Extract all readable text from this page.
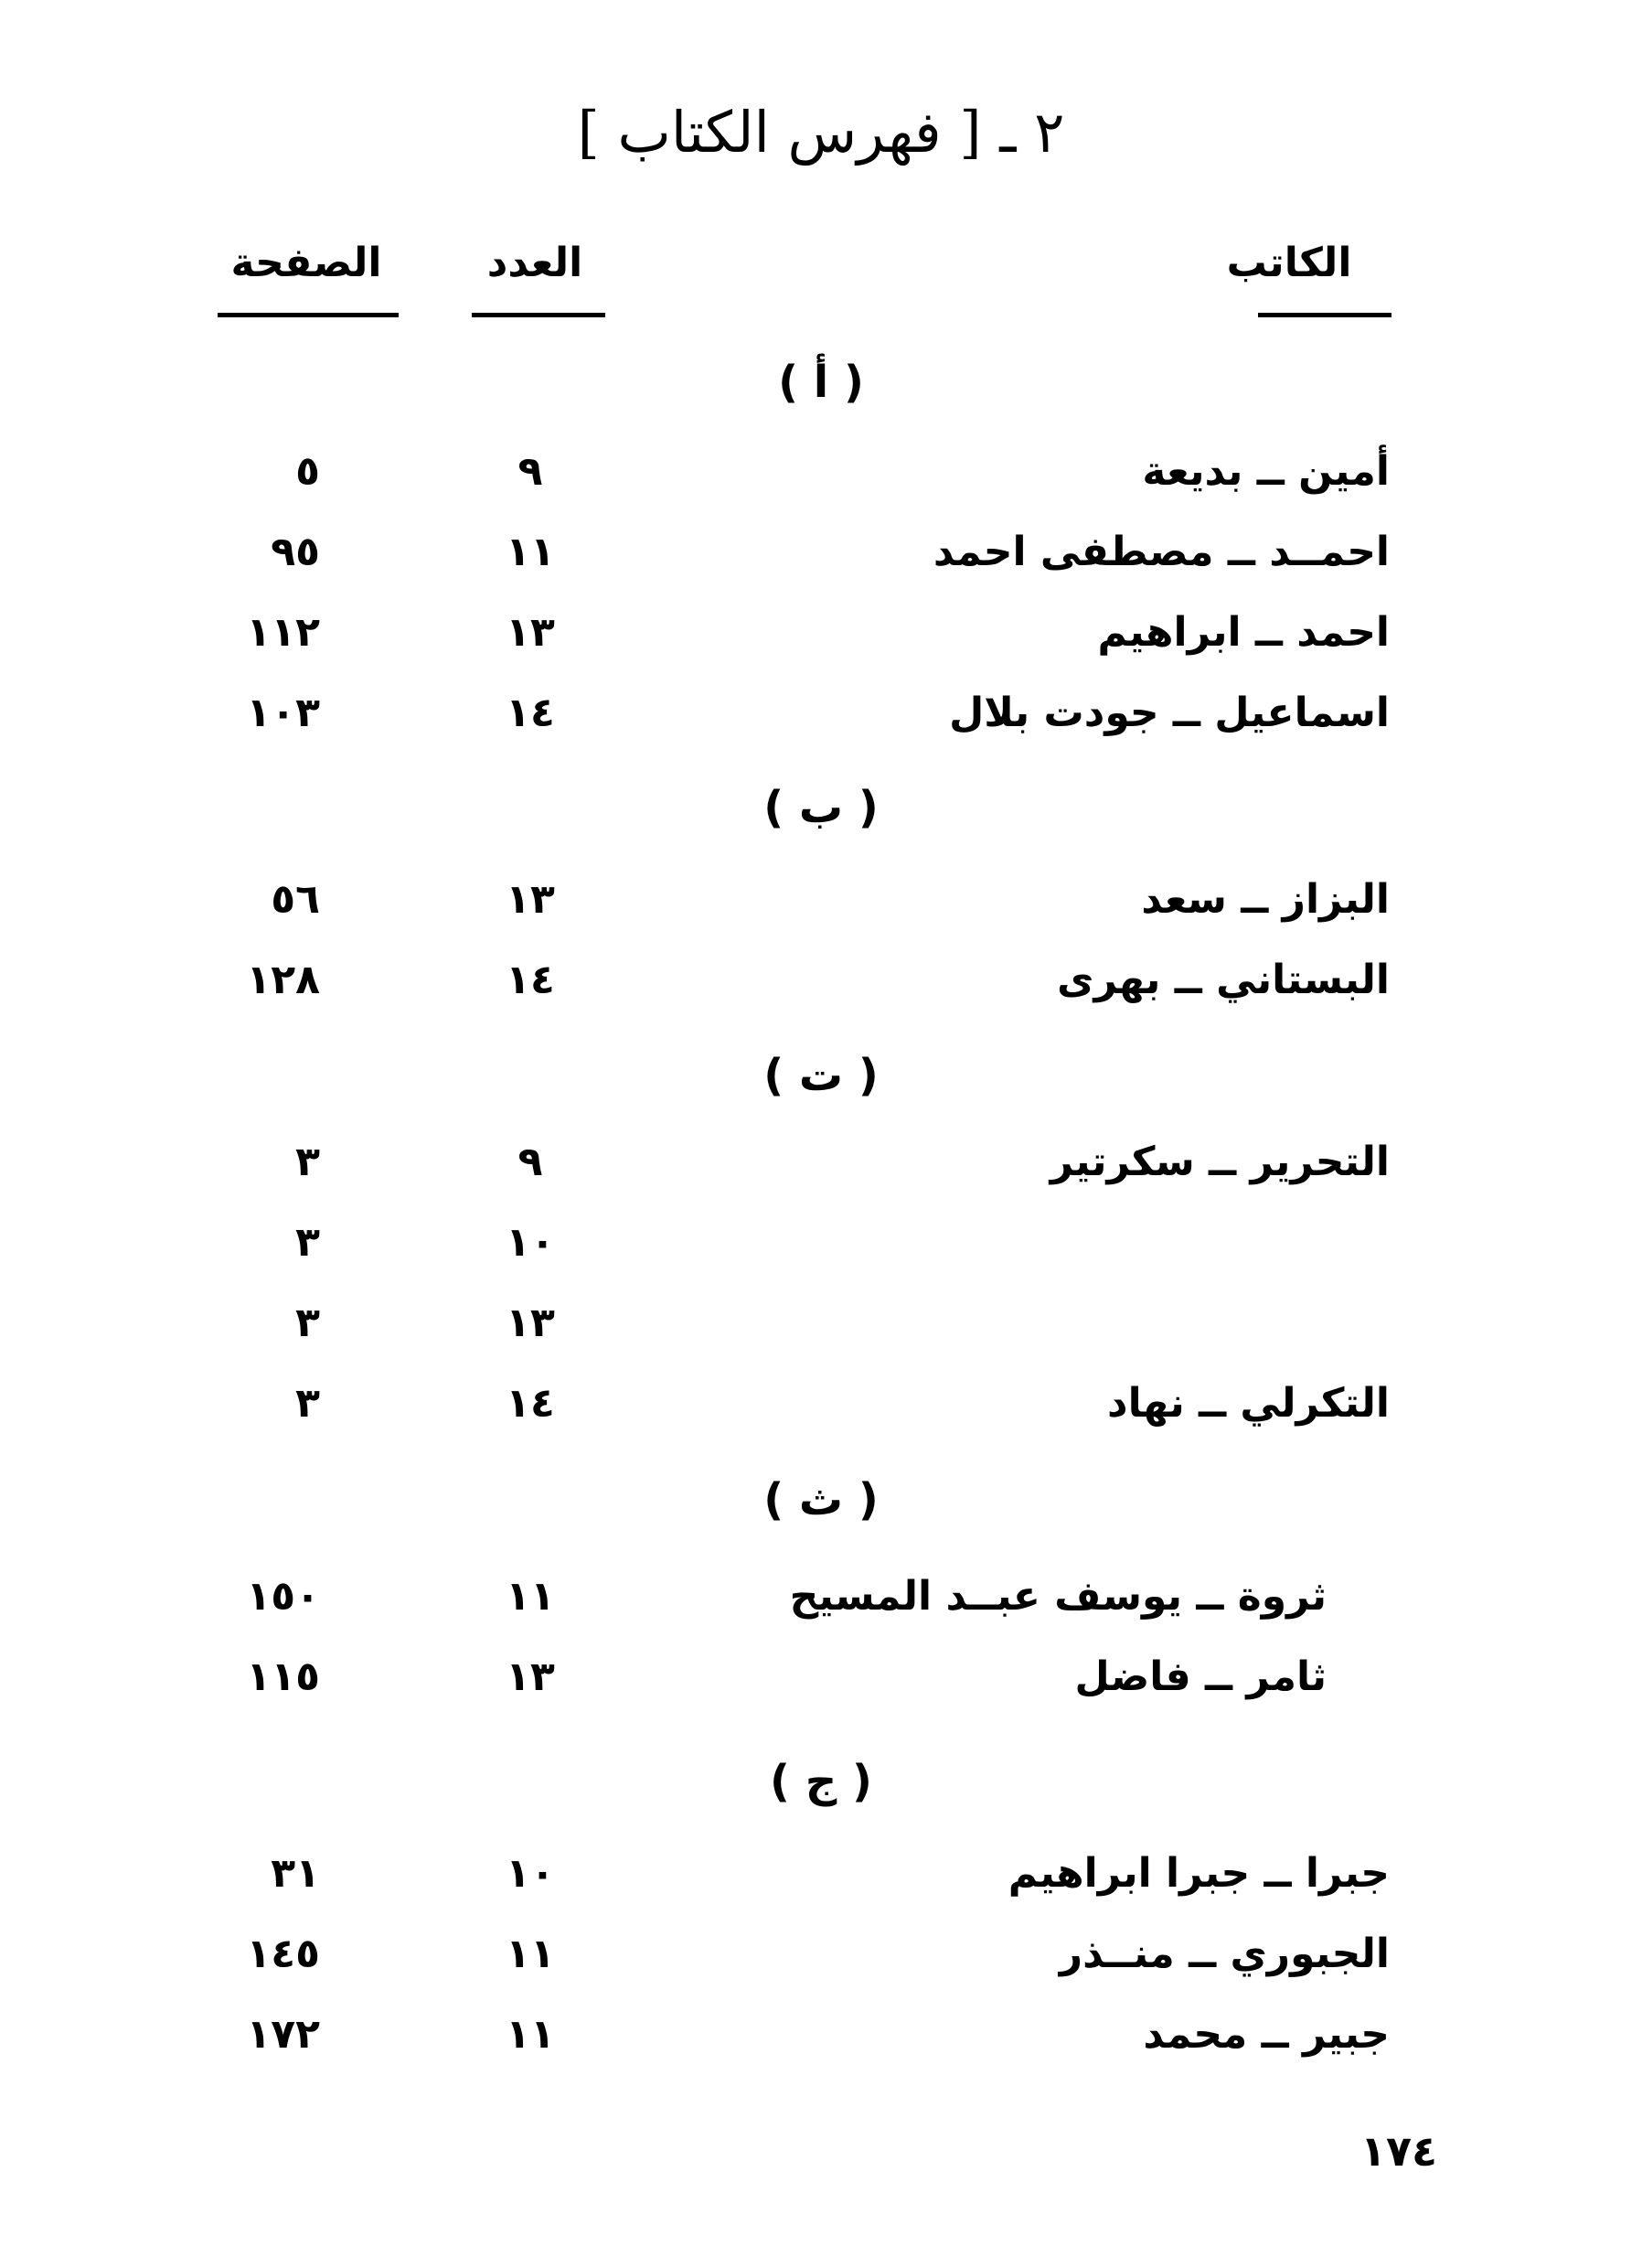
٢ ـ [ فهرس الكتاب ]
الكاتب
العدد
الصفحة
( أ )
أمين ــ بديعة
٩
٥
احمــد ــ مصطفى احمد
١١
٩٥
احمد ــ ابراهيم
١٣
١١٢
اسماعيل ــ جودت بلال
١٤
١٠٣
( ب )
البزاز ــ سعد
١٣
٥٦
البستاني ــ بهرى
١٤
١٢٨
( ت )
التحرير ــ سكرتير
٩
٣
١٠
٣
١٣
٣
التكرلي ــ نهاد
١٤
٣
( ث )
ثروة ــ يوسف عبــد المسيح
١١
١٥٠
ثامر ــ فاضل
١٣
١١٥
( ج )
جبرا ــ جبرا ابراهيم
١٠
٣١
الجبوري ــ منــذر
١١
١٤٥
جبير ــ محمد
١١
١٧٢
١٧٤
